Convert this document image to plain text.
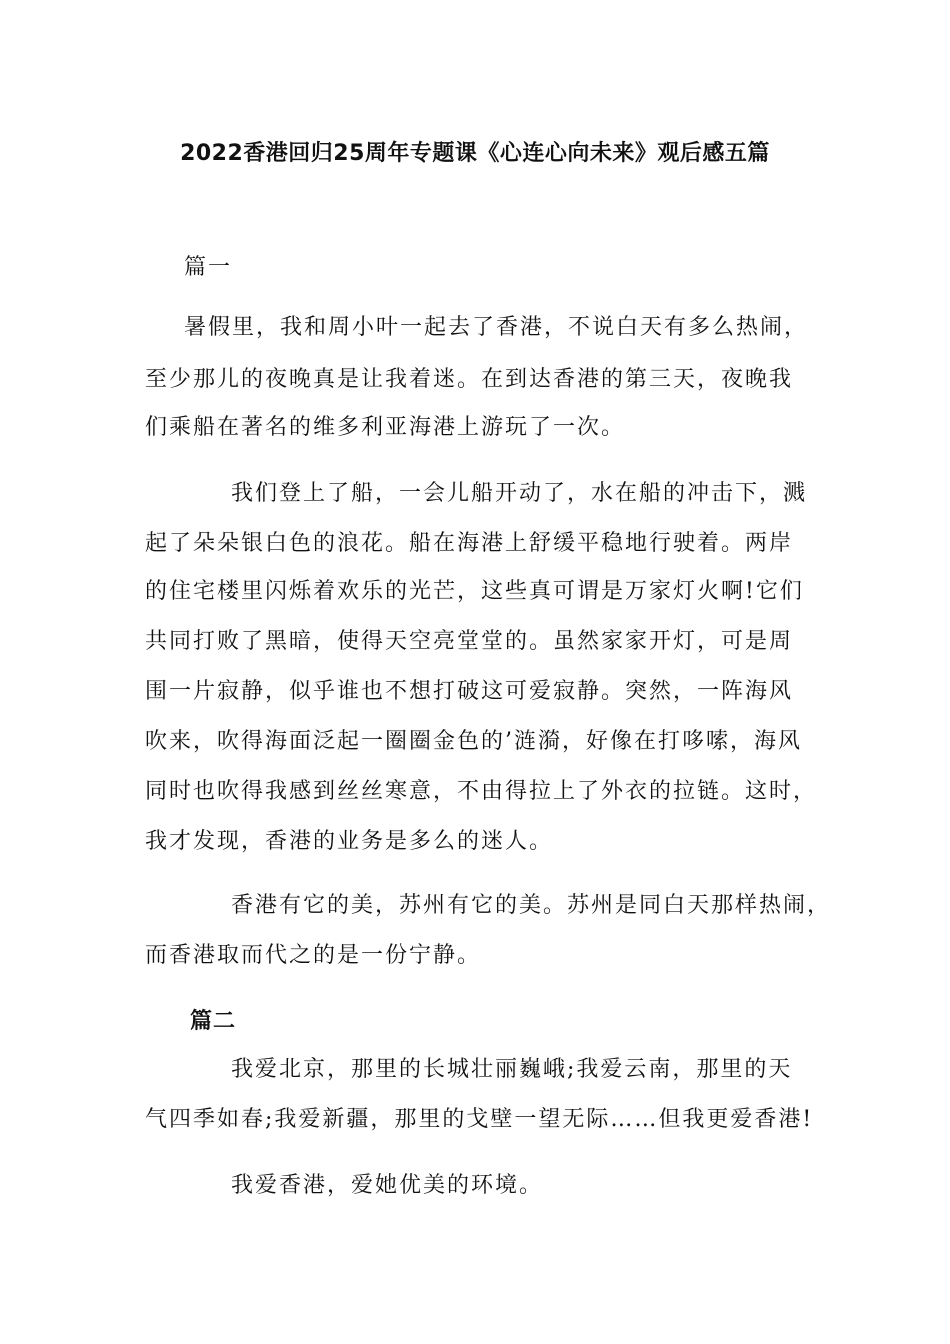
2022香港回归25周年专题课《心连心向未来》观后感五篇
篇一
暑假里，我和周小叶一起去了香港，不说白天有多么热闹，
至少那儿的夜晚真是让我着迷。在到达香港的第三天，夜晚我
们乘船在著名的维多利亚海港上游玩了一次。
我们登上了船，一会儿船开动了，水在船的冲击下，溅
起了朵朵银白色的浪花。船在海港上舒缓平稳地行驶着。两岸
的住宅楼里闪烁着欢乐的光芒，这些真可谓是万家灯火啊!它们
共同打败了黑暗，使得天空亮堂堂的。虽然家家开灯，可是周
围一片寂静，似乎谁也不想打破这可爱寂静。突然，一阵海风
吹来，吹得海面泛起一圈圈金色的’涟漪，好像在打哆嗦，海风
同时也吹得我感到丝丝寒意，不由得拉上了外衣的拉链。这时，
我才发现，香港的业务是多么的迷人。
香港有它的美，苏州有它的美。苏州是同白天那样热闹，
而香港取而代之的是一份宁静。
篇二
我爱北京，那里的长城壮丽巍峨;我爱云南，那里的天
气四季如春;我爱新疆，那里的戈壁一望无际……但我更爱香港!
我爱香港，爱她优美的环境。
